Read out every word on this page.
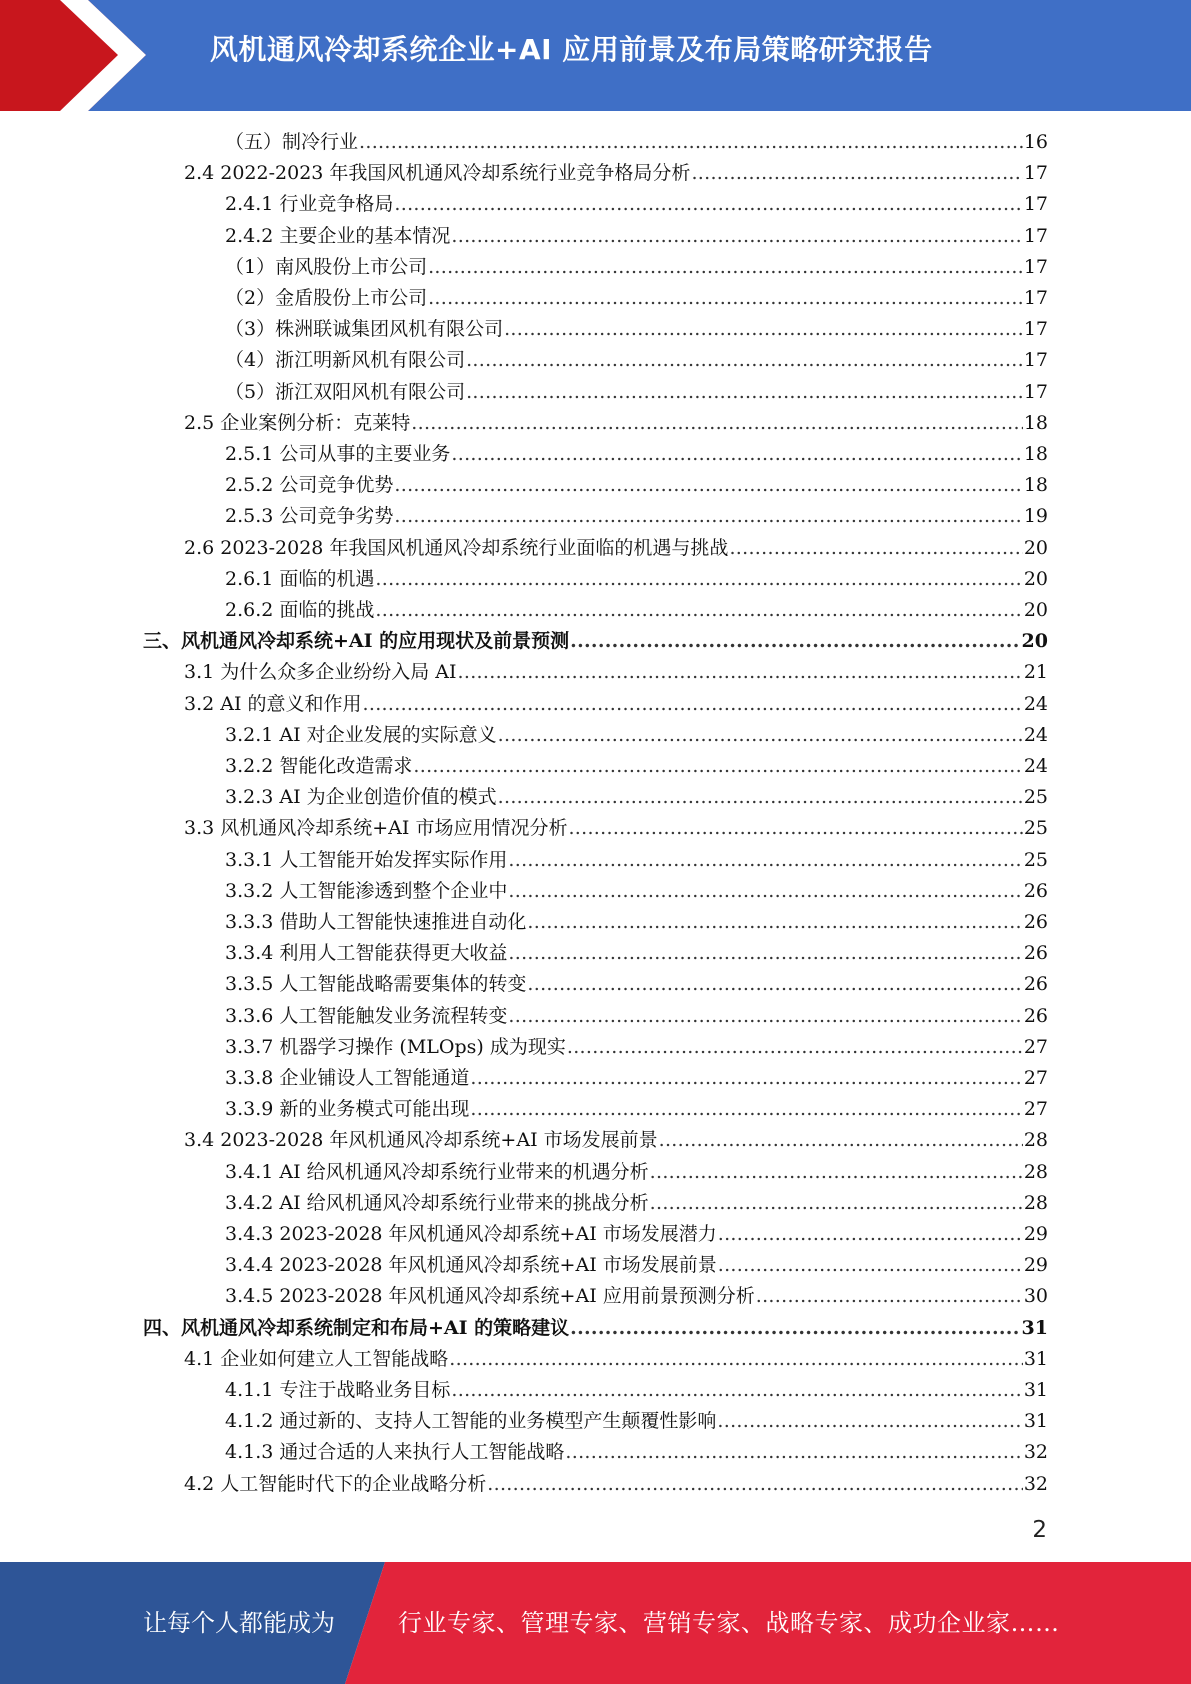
风机通风冷却系统企业+AI 应用前景及布局策略研究报告
（五）制冷行业 .....	16
2.4 2022-2023 年我国风机通风冷却系统行业竞争格局分析 .....	17
2.4.1 行业竞争格局 .....	17
2.4.2 主要企业的基本情况 .....	17
（1）南风股份上市公司 .....	17
（2）金盾股份上市公司 .....	17
（3）株洲联诚集团风机有限公司 .....	17
（4）浙江明新风机有限公司 .....	17
（5）浙江双阳风机有限公司 .....	17
2.5 企业案例分析：克莱特 .....	18
2.5.1 公司从事的主要业务 .....	18
2.5.2 公司竞争优势 .....	18
2.5.3 公司竞争劣势 .....	19
2.6 2023-2028 年我国风机通风冷却系统行业面临的机遇与挑战 .....	20
2.6.1 面临的机遇 .....	20
2.6.2 面临的挑战 .....	20
三、风机通风冷却系统+AI 的应用现状及前景预测 .....	20
3.1 为什么众多企业纷纷入局 AI .....	21
3.2 AI 的意义和作用 .....	24
3.2.1 AI 对企业发展的实际意义 .....	24
3.2.2 智能化改造需求 .....	24
3.2.3 AI 为企业创造价值的模式 .....	25
3.3 风机通风冷却系统+AI 市场应用情况分析 .....	25
3.3.1 人工智能开始发挥实际作用 .....	25
3.3.2 人工智能渗透到整个企业中 .....	26
3.3.3 借助人工智能快速推进自动化 .....	26
3.3.4 利用人工智能获得更大收益 .....	26
3.3.5 人工智能战略需要集体的转变 .....	26
3.3.6 人工智能触发业务流程转变 .....	26
3.3.7 机器学习操作 (MLOps) 成为现实 .....	27
3.3.8 企业铺设人工智能通道 .....	27
3.3.9 新的业务模式可能出现 .....	27
3.4 2023-2028 年风机通风冷却系统+AI 市场发展前景 .....	28
3.4.1 AI 给风机通风冷却系统行业带来的机遇分析 .....	28
3.4.2 AI 给风机通风冷却系统行业带来的挑战分析 .....	28
3.4.3 2023-2028 年风机通风冷却系统+AI 市场发展潜力 .....	29
3.4.4 2023-2028 年风机通风冷却系统+AI 市场发展前景 .....	29
3.4.5 2023-2028 年风机通风冷却系统+AI 应用前景预测分析 .....	30
四、风机通风冷却系统制定和布局+AI 的策略建议 .....	31
4.1 企业如何建立人工智能战略 .....	31
4.1.1 专注于战略业务目标 .....	31
4.1.2 通过新的、支持人工智能的业务模型产生颠覆性影响 .....	31
4.1.3 通过合适的人来执行人工智能战略 .....	32
4.2 人工智能时代下的企业战略分析 .....	32
2
让每个人都能成为	行业专家、管理专家、营销专家、战略专家、成功企业家……
